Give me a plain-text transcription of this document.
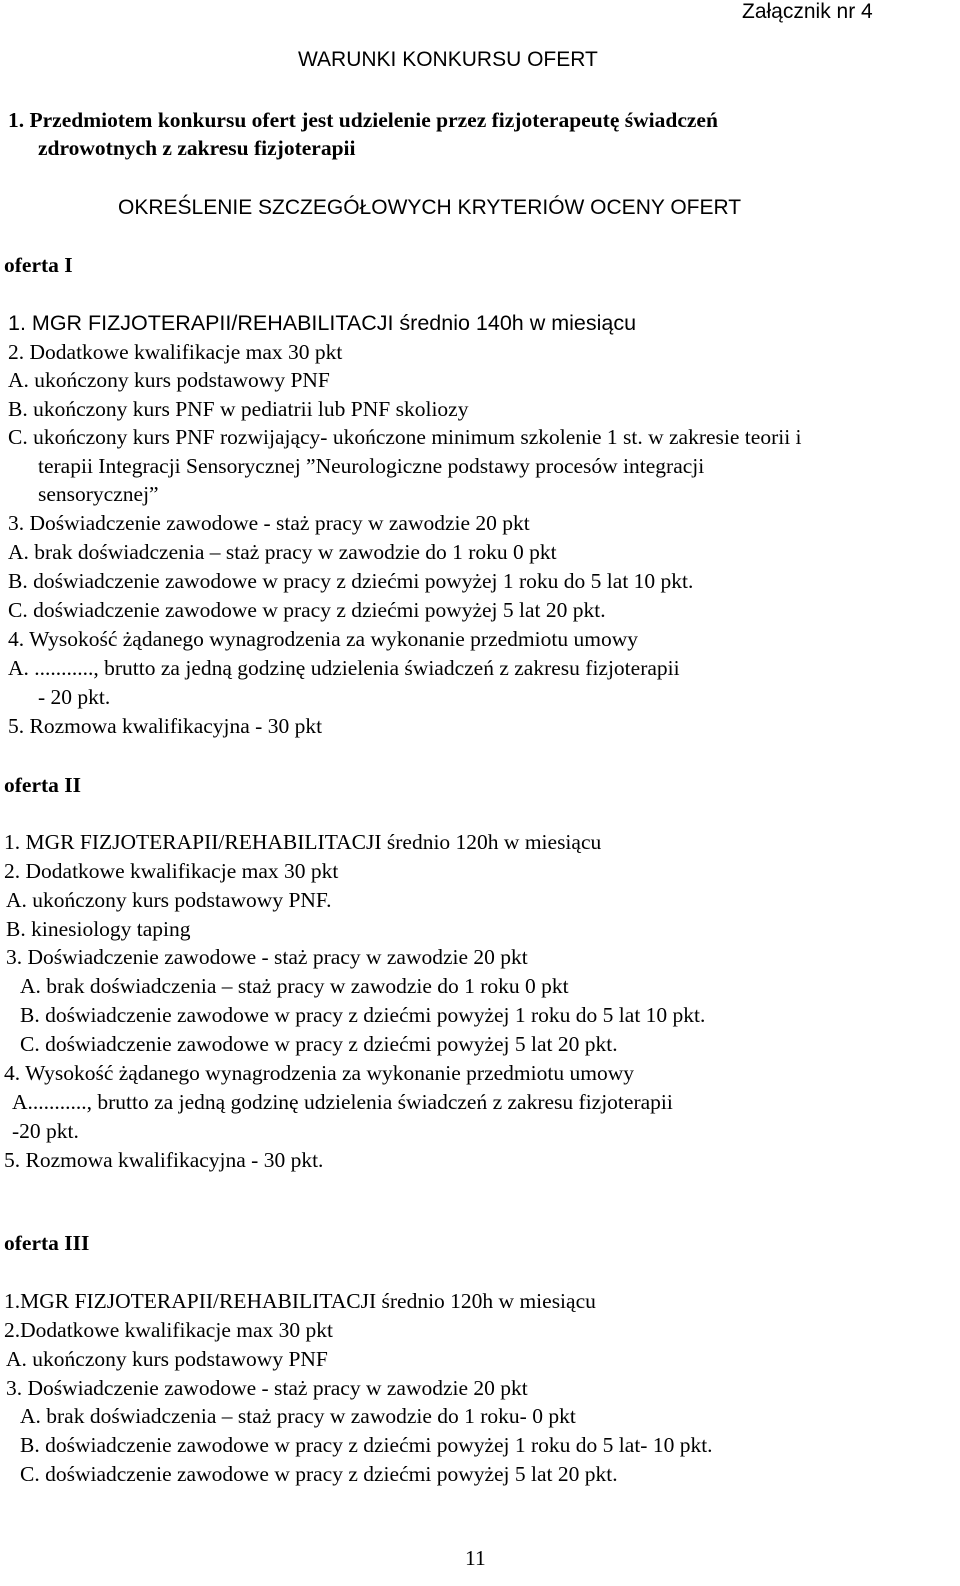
Załącznik nr 4
WARUNKI KONKURSU OFERT
1. Przedmiotem konkursu ofert jest udzielenie przez fizjoterapeutę świadczeń
zdrowotnych z zakresu fizjoterapii
OKREŚLENIE SZCZEGÓŁOWYCH KRYTERIÓW OCENY OFERT
oferta I
1. MGR FIZJOTERAPII/REHABILITACJI średnio 140h w miesiącu
2. Dodatkowe kwalifikacje max 30 pkt
A. ukończony kurs podstawowy PNF
B. ukończony kurs PNF w pediatrii lub PNF skoliozy
C. ukończony kurs PNF rozwijający- ukończone minimum szkolenie 1 st. w zakresie teorii i
terapii Integracji Sensorycznej ”Neurologiczne podstawy procesów integracji
sensorycznej”
3. Doświadczenie zawodowe - staż pracy w zawodzie 20 pkt
A. brak doświadczenia – staż pracy w zawodzie do 1 roku 0 pkt
B. doświadczenie zawodowe w pracy z dziećmi powyżej 1 roku do 5 lat 10 pkt.
C. doświadczenie zawodowe w pracy z dziećmi powyżej 5 lat 20 pkt.
4. Wysokość żądanego wynagrodzenia za wykonanie przedmiotu umowy
A. ..........., brutto za jedną godzinę udzielenia świadczeń z zakresu fizjoterapii
- 20 pkt.
5. Rozmowa kwalifikacyjna - 30 pkt
oferta II
1. MGR FIZJOTERAPII/REHABILITACJI średnio 120h w miesiącu
2. Dodatkowe kwalifikacje max 30 pkt
A. ukończony kurs podstawowy PNF.
B. kinesiology taping
3. Doświadczenie zawodowe - staż pracy w zawodzie 20 pkt
A. brak doświadczenia – staż pracy w zawodzie do 1 roku 0 pkt
B. doświadczenie zawodowe w pracy z dziećmi powyżej 1 roku do 5 lat 10 pkt.
C. doświadczenie zawodowe w pracy z dziećmi powyżej 5 lat 20 pkt.
4. Wysokość żądanego wynagrodzenia za wykonanie przedmiotu umowy
A..........., brutto za jedną godzinę udzielenia świadczeń z zakresu fizjoterapii
-20 pkt.
5. Rozmowa kwalifikacyjna - 30 pkt.
oferta III
1.MGR FIZJOTERAPII/REHABILITACJI średnio 120h w miesiącu
2.Dodatkowe kwalifikacje max 30 pkt
A. ukończony kurs podstawowy PNF
3. Doświadczenie zawodowe - staż pracy w zawodzie 20 pkt
A. brak doświadczenia – staż pracy w zawodzie do 1 roku- 0 pkt
B. doświadczenie zawodowe w pracy z dziećmi powyżej 1 roku do 5 lat- 10 pkt.
C. doświadczenie zawodowe w pracy z dziećmi powyżej 5 lat 20 pkt.
11
